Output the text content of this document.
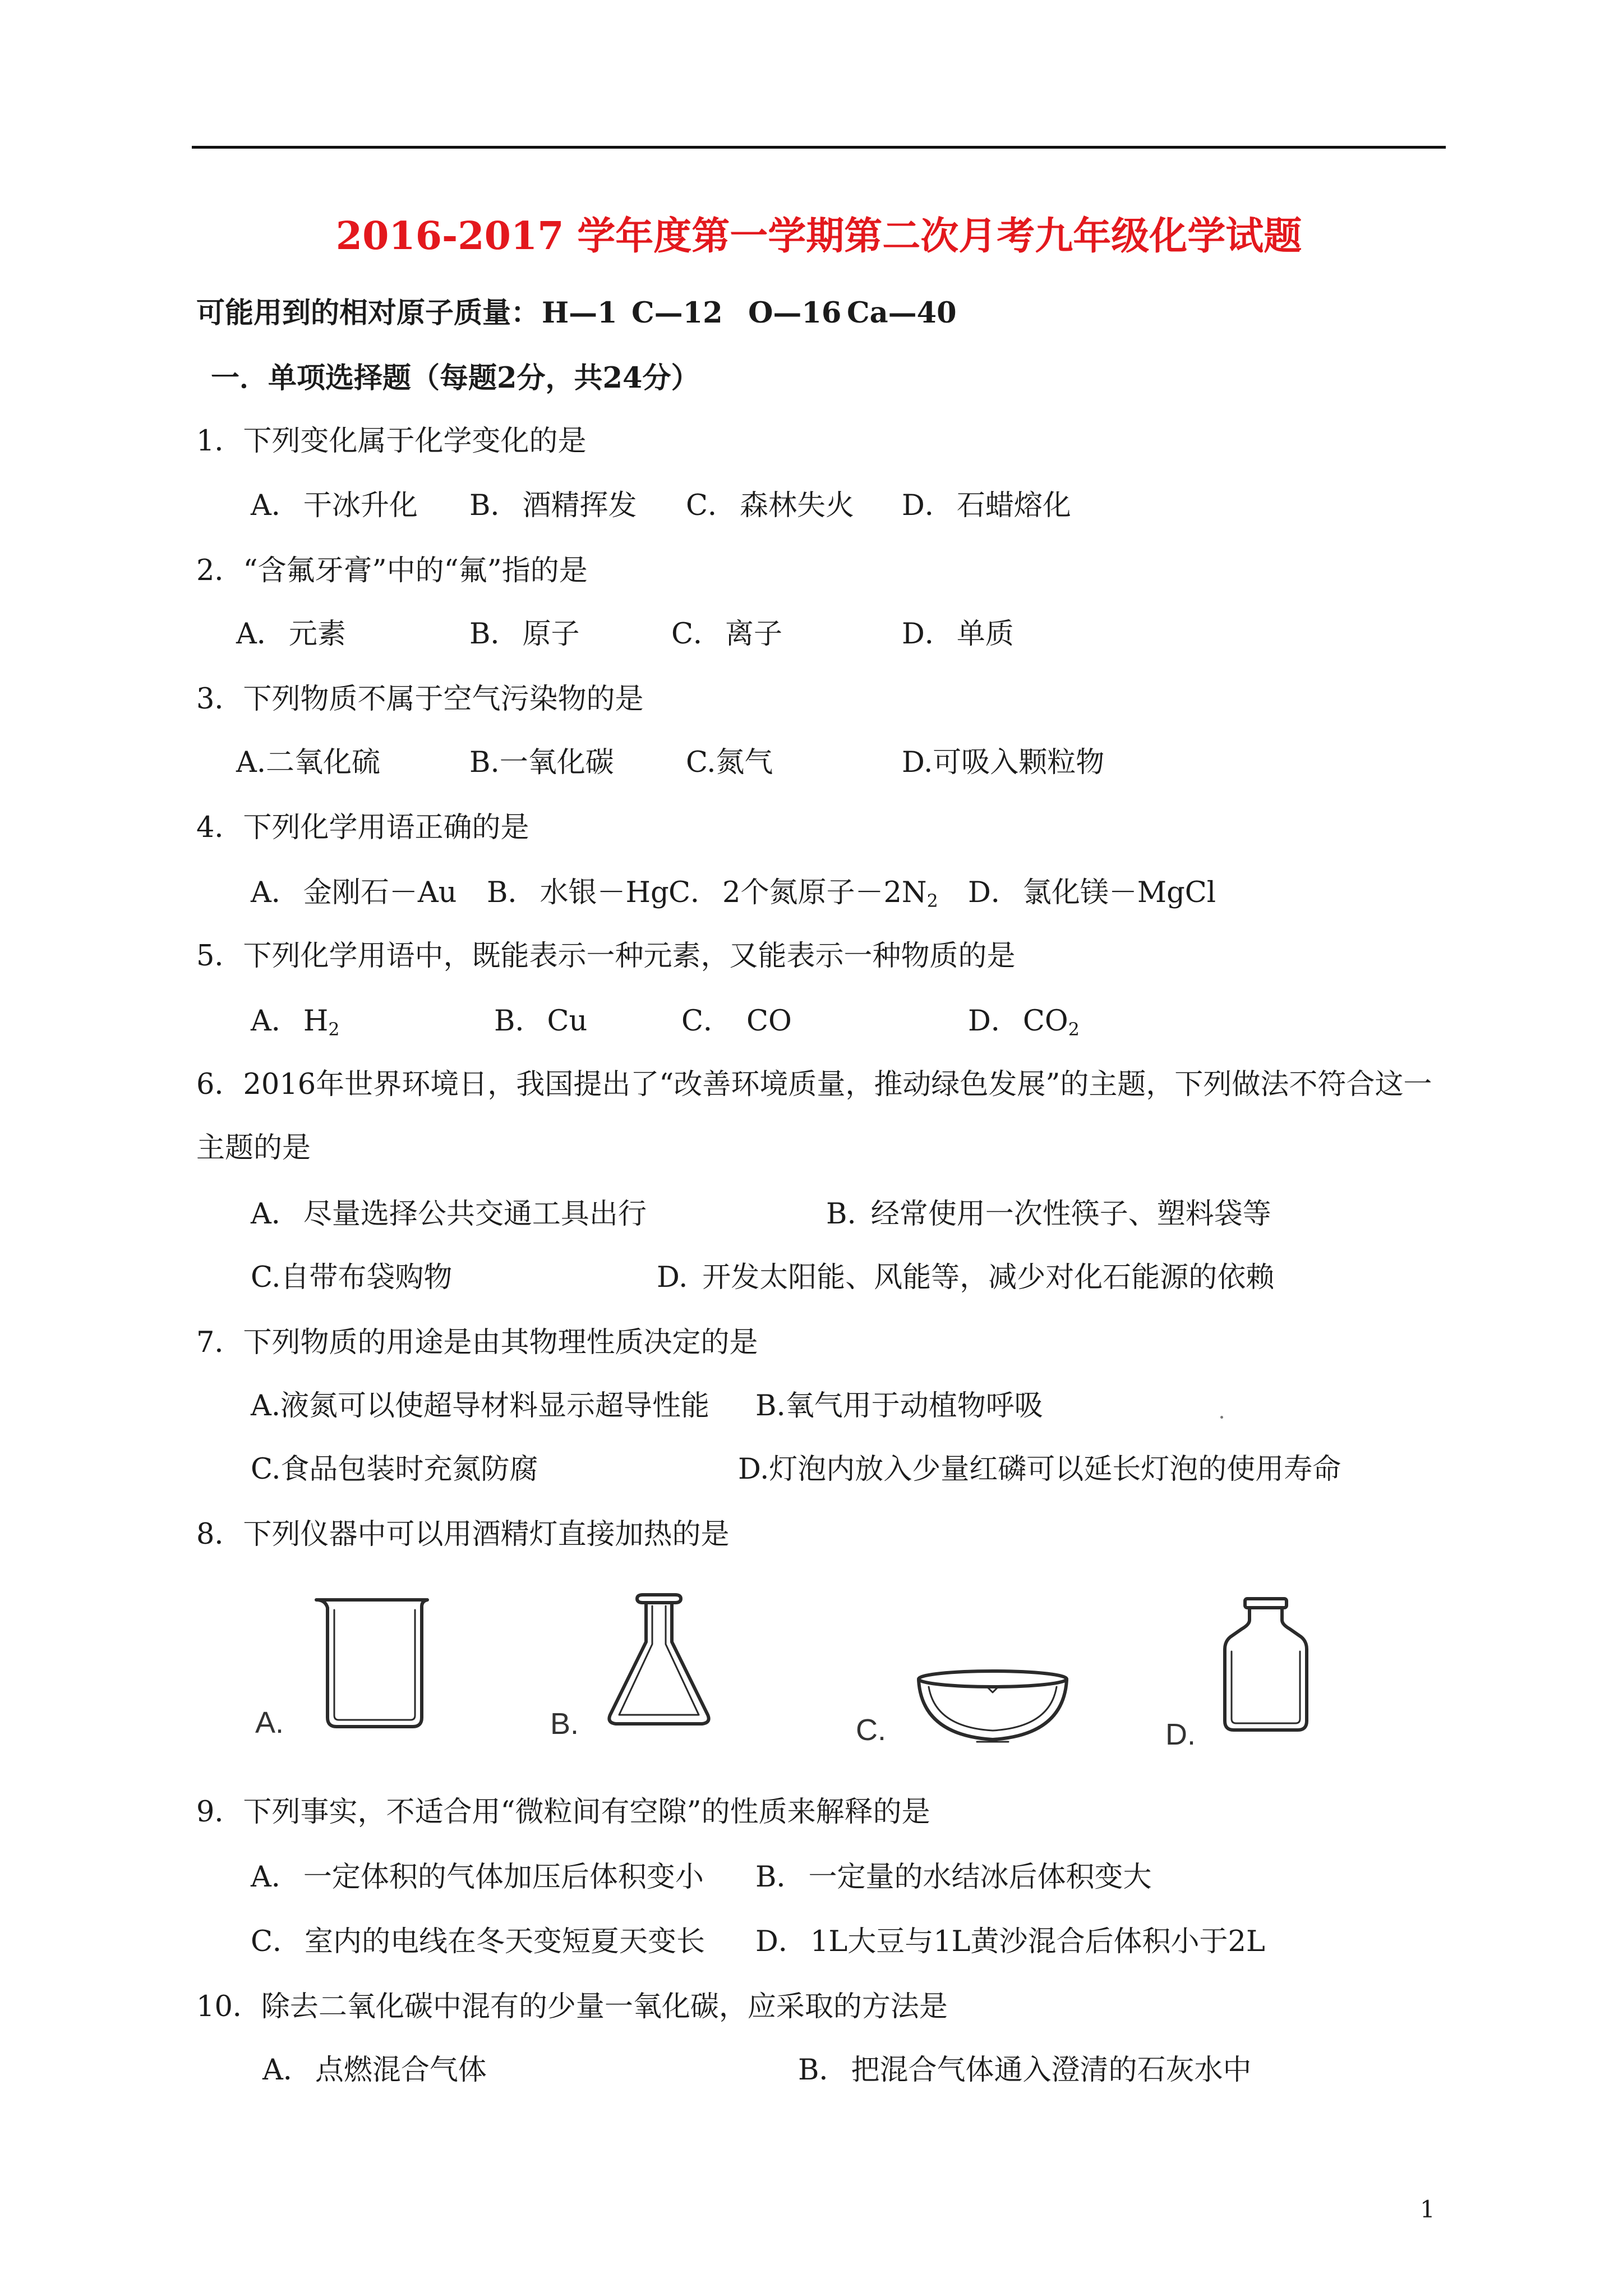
2016-2017 学年度第一学期第二次月考九年级化学试题
可能用到的相对原子质量： H—1 C—12 O—16 Ca—40
一．单项选择题（每题2分，共24分）
1．下列变化属于化学变化的是
A． 干冰升化 B． 酒精挥发 C． 森林失火 D． 石蜡熔化
2．“含氟牙膏”中的“氟”指的是
A． 元素	B． 原子	C． 离子	D． 单质
3．下列物质不属于空气污染物的是
A.二氧化硫	B.一氧化碳	C.氮气	D.可吸入颗粒物
4．下列化学用语正确的是
A． 金刚石－Au B． 水银－Hg C． 2个氮原子$-2N_2$ D． 氯化镁－MgCl
5．下列化学用语中，既能表示一种元素，又能表示一种物质的是
A． $H_2$	B． Cu	C． CO	D． $CO_2$
6．2016年世界环境日，我国提出了“改善环境质量，推动绿色发展”的主题，下列做法不符合这一
主题的是
A． 尽量选择公共交通工具出行	B. 经常使用一次性筷子、塑料袋等
C.自带布袋购物	D. 开发太阳能、风能等，减少对化石能源的依赖
7．下列物质的用途是由其物理性质决定的是
A.液氮可以使超导材料显示超导性能 B.氧气用于动植物呼吸
C.食品包装时充氮防腐	D.灯泡内放入少量红磷可以延长灯泡的使用寿命
8．下列仪器中可以用酒精灯直接加热的是
A.	B.	C.	D.
9．下列事实，不适合用“微粒间有空隙”的性质来解释的是
A． 一定体积的气体加压后体积变小 B． 一定量的水结冰后体积变大
C． 室内的电线在冬天变短夏天变长 D． 1L大豆与1L黄沙混合后体积小于2L
10．除去二氧化碳中混有的少量一氧化碳，应采取的方法是
A． 点燃混合气体	B． 把混合气体通入澄清的石灰水中
1
